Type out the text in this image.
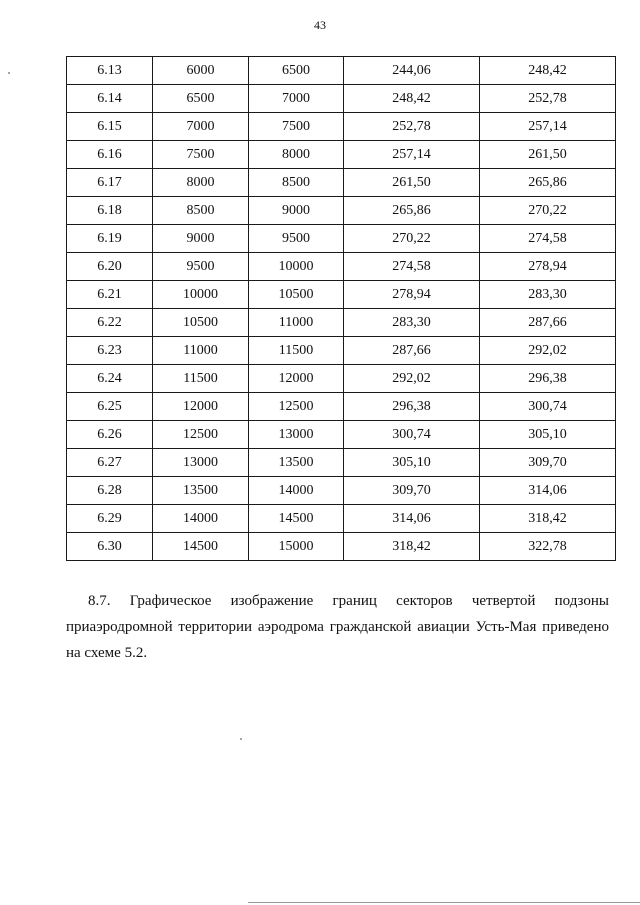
43
6.13	6000	6500	244,06	248,42
6.14	6500	7000	248,42	252,78
6.15	7000	7500	252,78	257,14
6.16	7500	8000	257,14	261,50
6.17	8000	8500	261,50	265,86
6.18	8500	9000	265,86	270,22
6.19	9000	9500	270,22	274,58
6.20	9500	10000	274,58	278,94
6.21	10000	10500	278,94	283,30
6.22	10500	11000	283,30	287,66
6.23	11000	11500	287,66	292,02
6.24	11500	12000	292,02	296,38
6.25	12000	12500	296,38	300,74
6.26	12500	13000	300,74	305,10
6.27	13000	13500	305,10	309,70
6.28	13500	14000	309,70	314,06
6.29	14000	14500	314,06	318,42
6.30	14500	15000	318,42	322,78
8.7. Графическое изображение границ секторов четвертой подзоны
приаэродромной территории аэродрома гражданской авиации Усть-Мая приведено
на схеме 5.2.
